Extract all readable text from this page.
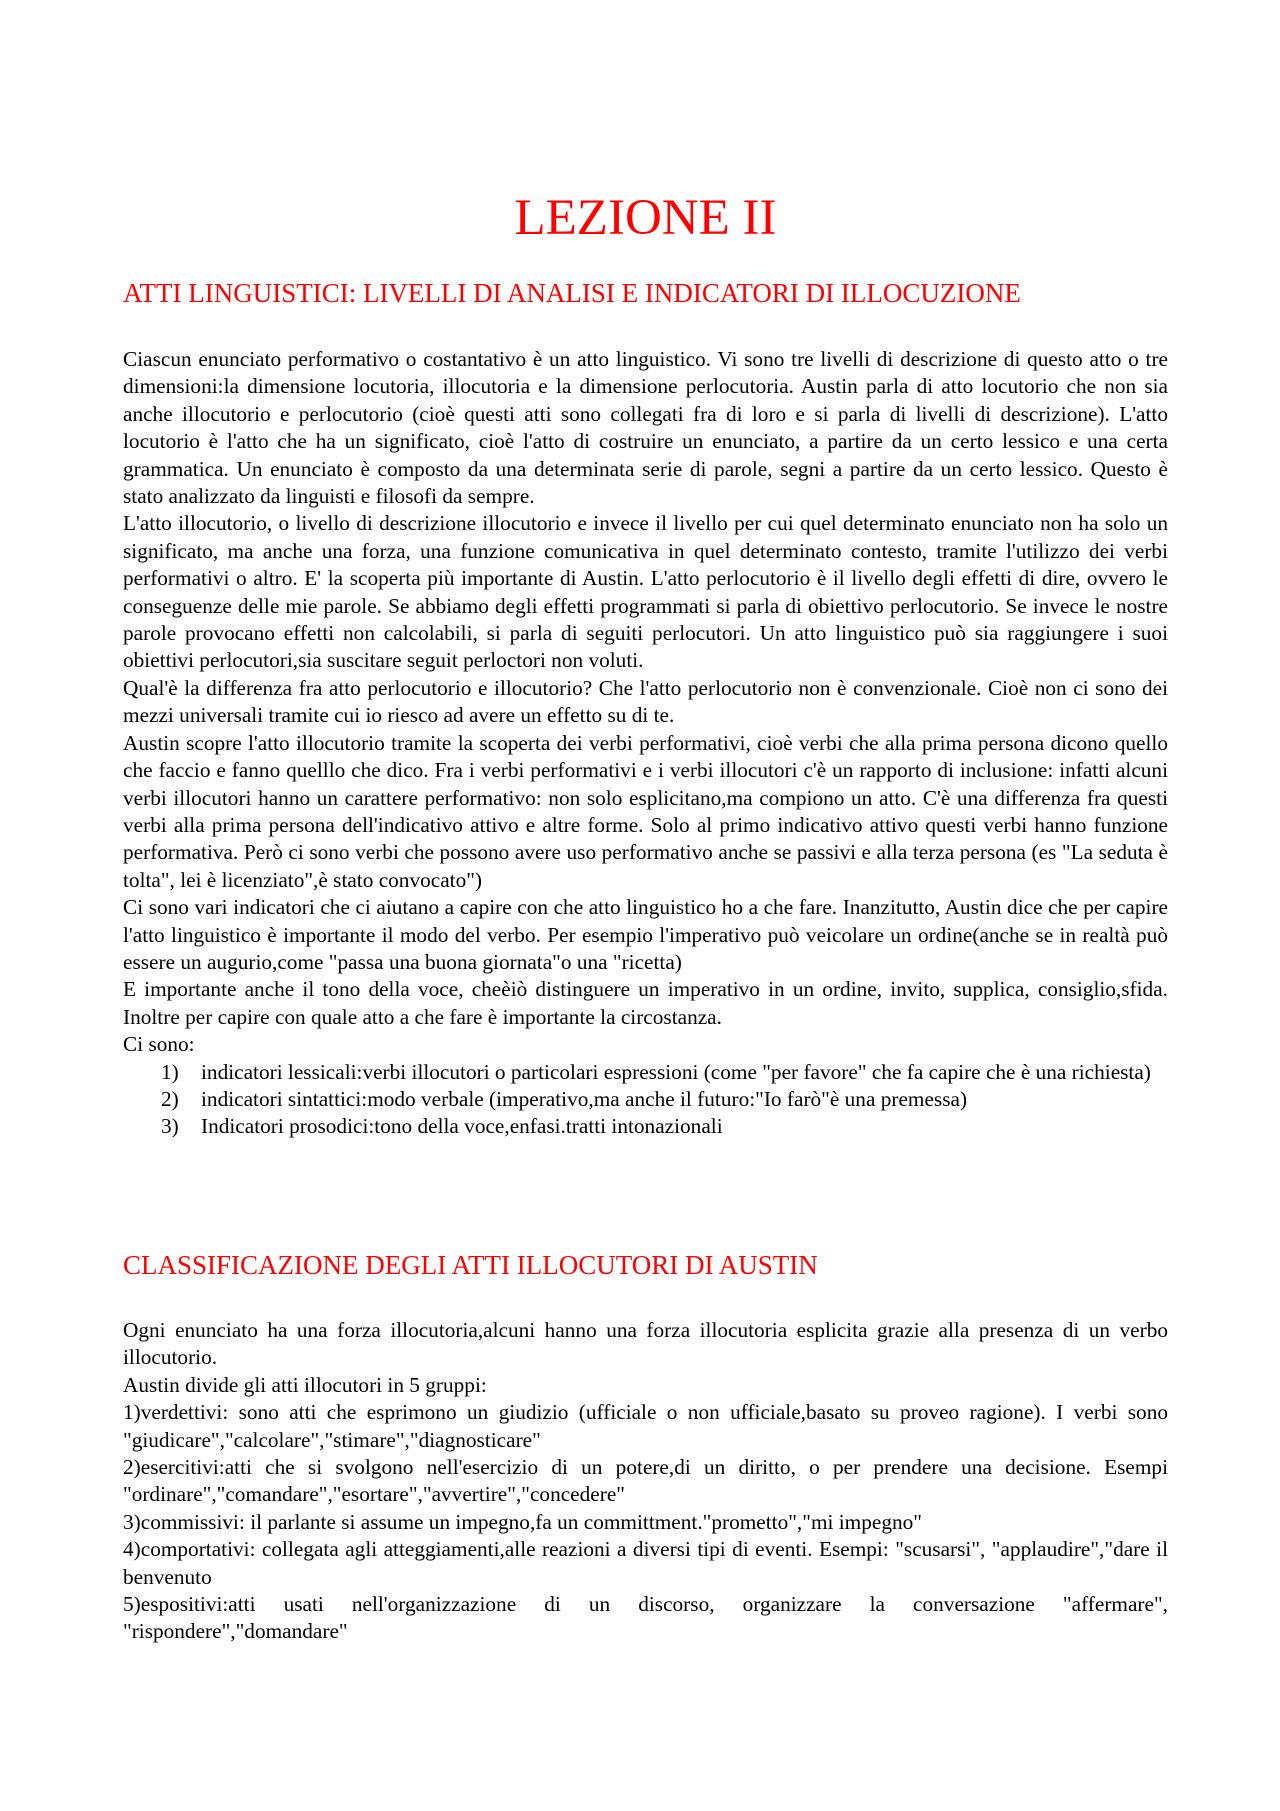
LEZIONE II
ATTI LINGUISTICI: LIVELLI DI ANALISI E INDICATORI DI ILLOCUZIONE

Ciascun enunciato performativo o costantativo è un atto linguistico. Vi sono tre livelli di descrizione di questo atto o tre dimensioni:la dimensione locutoria, illocutoria e la dimensione perlocutoria. Austin parla di atto locutorio che non sia anche illocutorio e perlocutorio (cioè questi atti sono collegati fra di loro e si parla di livelli di descrizione). L'atto locutorio è l'atto che ha un significato, cioè l'atto di costruire un enunciato, a partire da un certo lessico e una certa grammatica. Un enunciato è composto da una determinata serie di parole, segni a partire da un certo lessico. Questo è stato analizzato da linguisti e filosofi da sempre.

L'atto illocutorio, o livello di descrizione illocutorio e invece il livello per cui quel determinato enunciato non ha solo un significato, ma anche una forza, una funzione comunicativa in quel determinato contesto, tramite l'utilizzo dei verbi performativi o altro. E' la scoperta più importante di Austin. L'atto perlocutorio è il livello degli effetti di dire, ovvero le conseguenze delle mie parole. Se abbiamo degli effetti programmati si parla di obiettivo perlocutorio. Se invece le nostre parole provocano effetti non calcolabili, si parla di seguiti perlocutori. Un atto linguistico può sia raggiungere i suoi obiettivi perlocutori,sia suscitare seguit perloctori non voluti.

Qual'è la differenza fra atto perlocutorio e illocutorio? Che l'atto perlocutorio non è convenzionale. Cioè non ci sono dei mezzi universali tramite cui io riesco ad avere un effetto su di te.

Austin scopre l'atto illocutorio tramite la scoperta dei verbi performativi, cioè verbi che alla prima persona dicono quello che faccio e fanno quelllo che dico. Fra i verbi performativi e i verbi illocutori c'è un rapporto di inclusione: infatti alcuni verbi illocutori hanno un carattere performativo: non solo esplicitano,ma compiono un atto. C'è una differenza fra questi verbi alla prima persona dell'indicativo attivo e altre forme. Solo al primo indicativo attivo questi verbi hanno funzione performativa. Però ci sono verbi che possono avere uso performativo anche se passivi e alla terza persona (es "La seduta è tolta", lei è licenziato",è stato convocato")

Ci sono vari indicatori che ci aiutano a capire con che atto linguistico ho a che fare. Inanzitutto, Austin dice che per capire l'atto linguistico è importante il modo del verbo. Per esempio l'imperativo può veicolare un ordine(anche se in realtà può essere un augurio,come "passa una buona giornata"o una "ricetta)

E importante anche il tono della voce, cheèiò distinguere un imperativo in un ordine, invito, supplica, consiglio,sfida. Inoltre per capire con quale atto a che fare è importante la circostanza.

Ci sono:

1) indicatori lessicali:verbi illocutori o particolari espressioni (come "per favore" che fa capire che è una richiesta)
2) indicatori sintattici:modo verbale (imperativo,ma anche il futuro:"Io farò"è una premessa)
3) Indicatori prosodici:tono della voce,enfasi.tratti intonazionali
CLASSIFICAZIONE DEGLI ATTI ILLOCUTORI DI AUSTIN

Ogni enunciato ha una forza illocutoria,alcuni hanno una forza illocutoria esplicita grazie alla presenza di un verbo illocutorio.

Austin divide gli atti illocutori in 5 gruppi:

1)verdettivi: sono atti che esprimono un giudizio (ufficiale o non ufficiale,basato su proveo ragione). I verbi sono "giudicare","calcolare","stimare","diagnosticare"

2)esercitivi:atti che si svolgono nell'esercizio di un potere,di un diritto, o per prendere una decisione. Esempi "ordinare","comandare","esortare","avvertire","concedere"

3)commissivi: il parlante si assume un impegno,fa un committment."prometto","mi impegno"

4)comportativi: collegata agli atteggiamenti,alle reazioni a diversi tipi di eventi. Esempi: "scusarsi", "applaudire","dare il benvenuto

5)espositivi:atti usati nell'organizzazione di un discorso, organizzare la conversazione "affermare", "rispondere","domandare"
